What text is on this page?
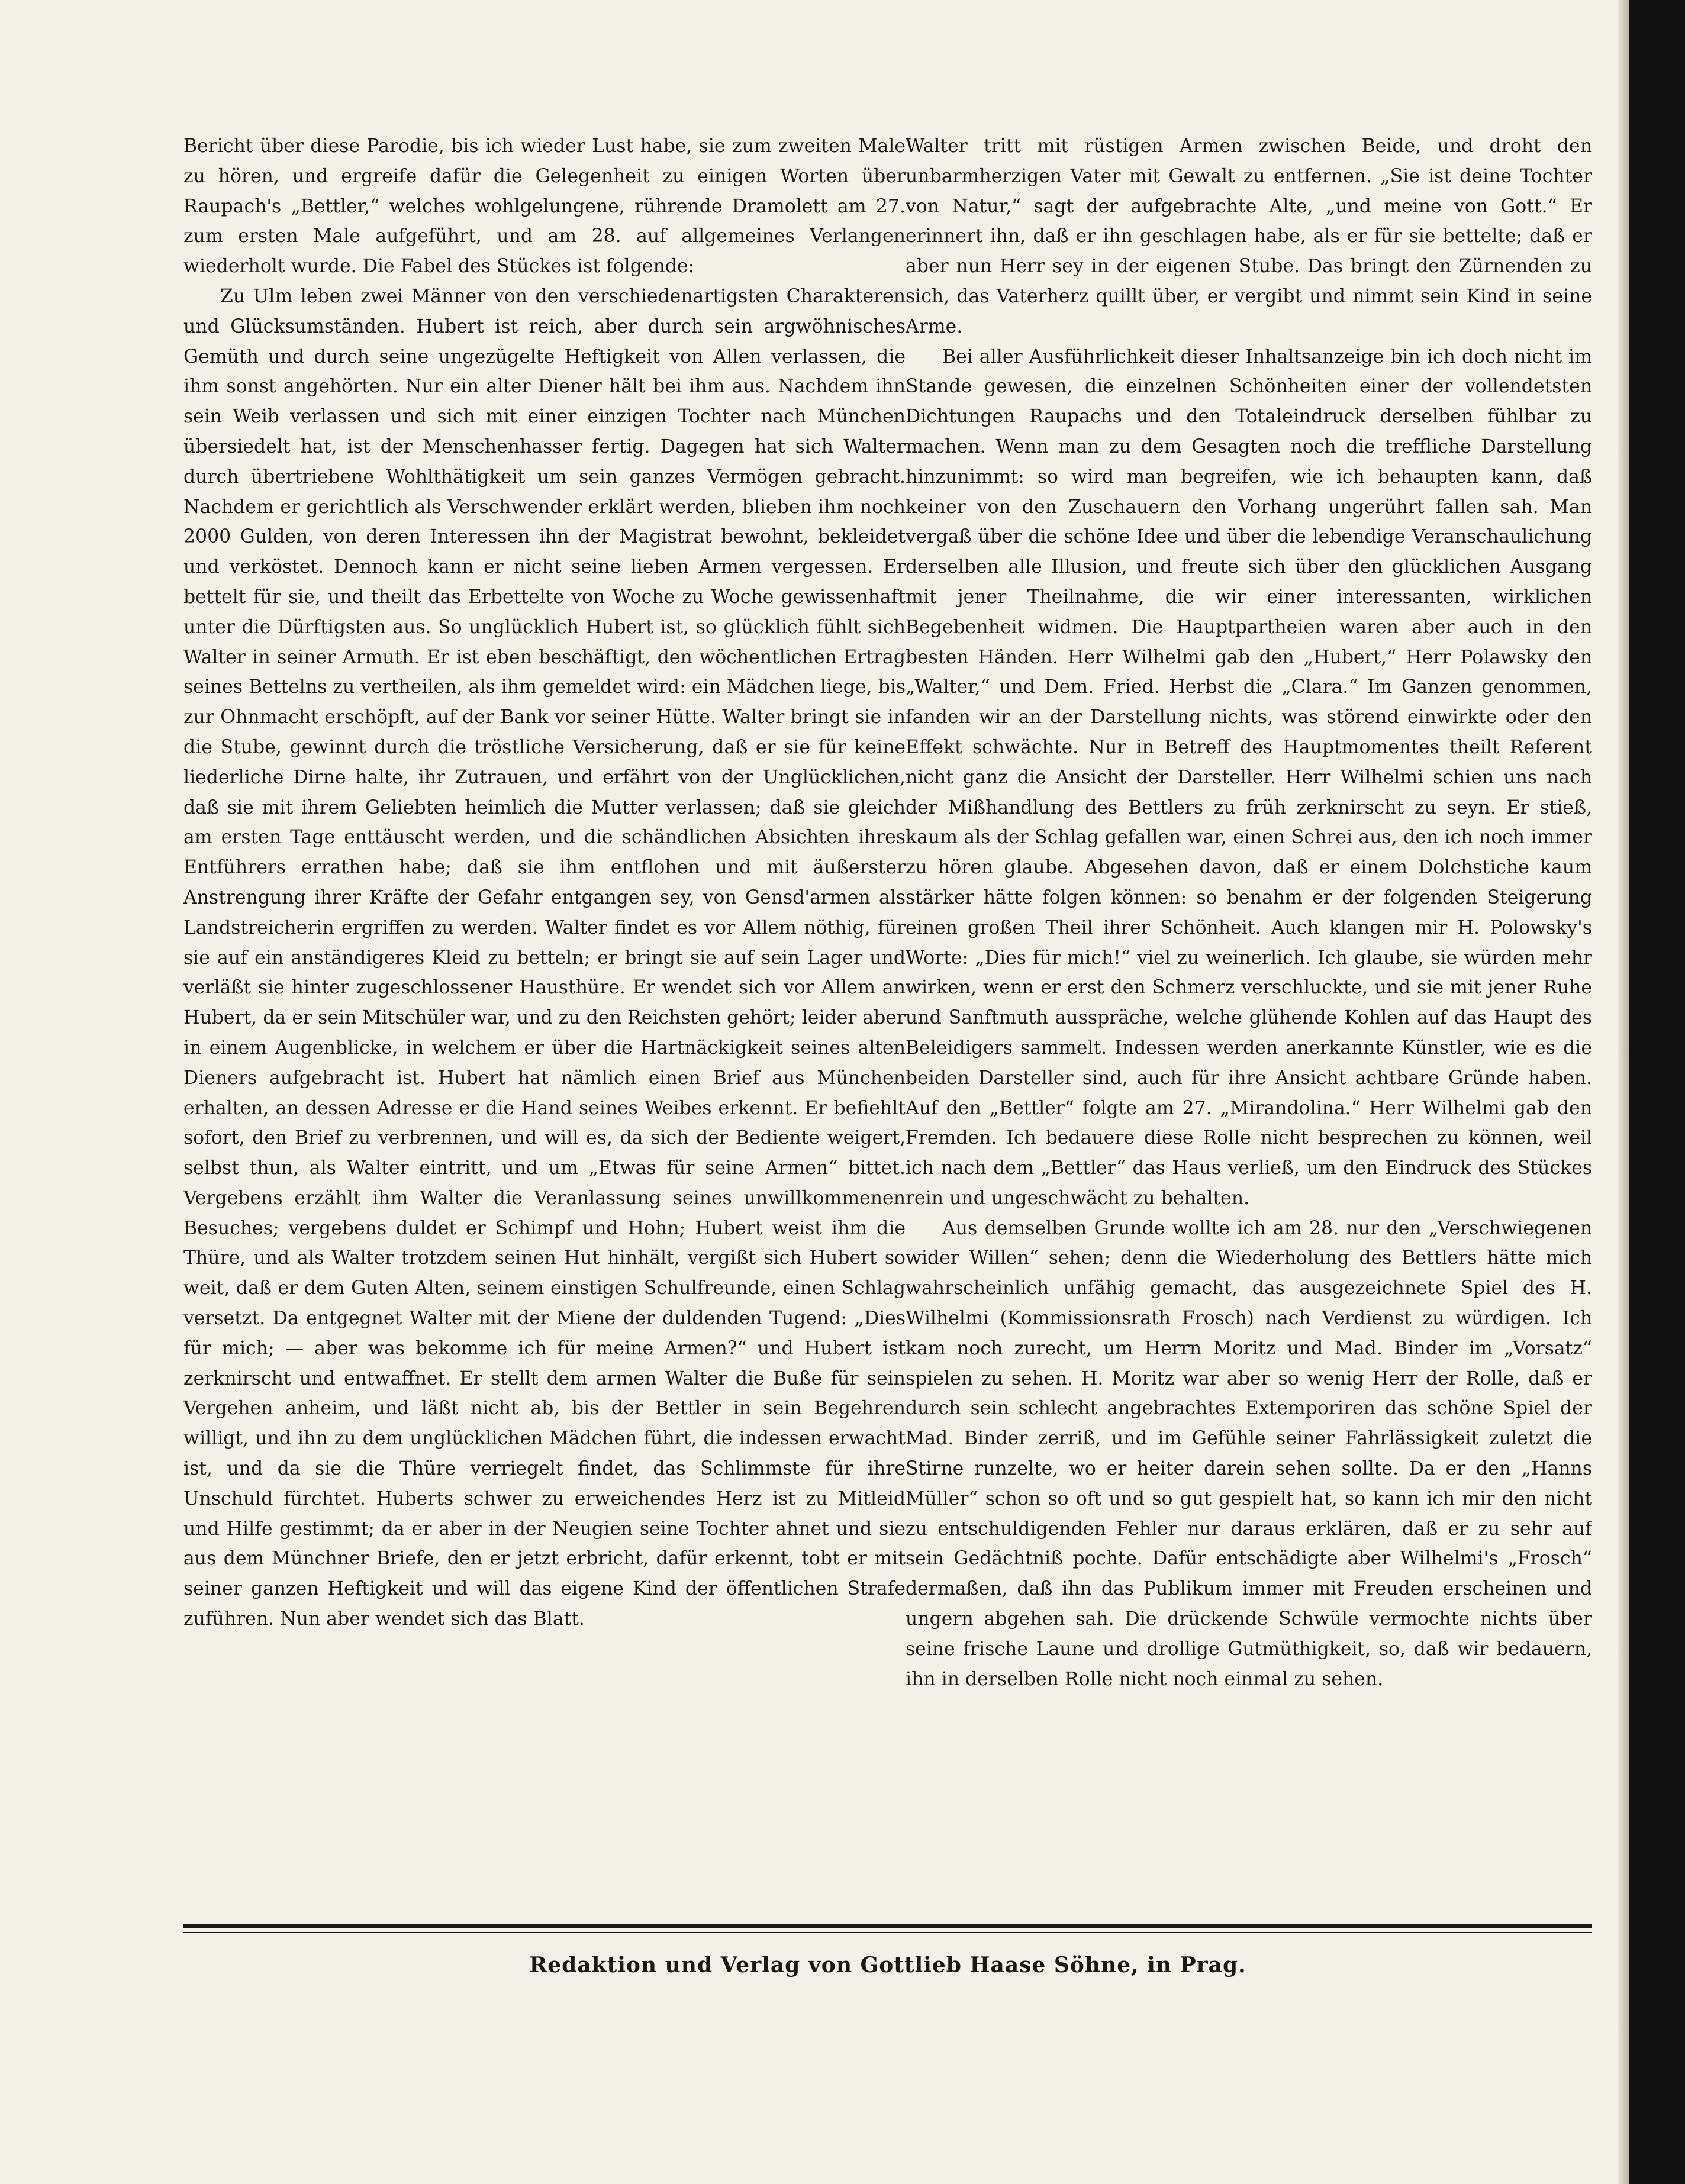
Bericht über diese Parodie, bis ich wieder Lust habe, sie zum zweiten Male zu hören, und ergreife dafür die Gelegenheit zu einigen Worten über Raupach's „Bettler,“ welches wohlgelungene, rührende Dramolett am 27. zum ersten Male aufgeführt, und am 28. auf allgemeines Verlangen wiederholt wurde. Die Fabel des Stückes ist folgende:

Zu Ulm leben zwei Männer von den verschiedenartigsten Charakteren und Glücksumständen. Hubert ist reich, aber durch sein argwöhnisches Gemüth und durch seine ungezügelte Heftigkeit von Allen verlassen, die ihm sonst angehörten. Nur ein alter Diener hält bei ihm aus. Nachdem ihn sein Weib verlassen und sich mit einer einzigen Tochter nach München übersiedelt hat, ist der Menschenhasser fertig. Dagegen hat sich Walter durch übertriebene Wohlthätigkeit um sein ganzes Vermögen gebracht. Nachdem er gerichtlich als Verschwender erklärt werden, blieben ihm noch 2000 Gulden, von deren Interessen ihn der Magistrat bewohnt, bekleidet und verköstet. Dennoch kann er nicht seine lieben Armen vergessen. Er bettelt für sie, und theilt das Erbettelte von Woche zu Woche gewissenhaft unter die Dürftigsten aus. So unglücklich Hubert ist, so glücklich fühlt sich Walter in seiner Armuth. Er ist eben beschäftigt, den wöchentlichen Ertrag seines Bettelns zu vertheilen, als ihm gemeldet wird: ein Mädchen liege, bis zur Ohnmacht erschöpft, auf der Bank vor seiner Hütte. Walter bringt sie in die Stube, gewinnt durch die tröstliche Versicherung, daß er sie für keine liederliche Dirne halte, ihr Zutrauen, und erfährt von der Unglücklichen, daß sie mit ihrem Geliebten heimlich die Mutter verlassen; daß sie gleich am ersten Tage enttäuscht werden, und die schändlichen Absichten ihres Entführers errathen habe; daß sie ihm entflohen und mit äußerster Anstrengung ihrer Kräfte der Gefahr entgangen sey, von Gensd'armen als Landstreicherin ergriffen zu werden. Walter findet es vor Allem nöthig, für sie auf ein anständigeres Kleid zu betteln; er bringt sie auf sein Lager und verläßt sie hinter zugeschlossener Hausthüre. Er wendet sich vor Allem an Hubert, da er sein Mitschüler war, und zu den Reichsten gehört; leider aber in einem Augenblicke, in welchem er über die Hartnäckigkeit seines alten Dieners aufgebracht ist. Hubert hat nämlich einen Brief aus München erhalten, an dessen Adresse er die Hand seines Weibes erkennt. Er befiehlt sofort, den Brief zu verbrennen, und will es, da sich der Bediente weigert, selbst thun, als Walter eintritt, und um „Etwas für seine Armen“ bittet. Vergebens erzählt ihm Walter die Veranlassung seines unwillkommenen Besuches; vergebens duldet er Schimpf und Hohn; Hubert weist ihm die Thüre, und als Walter trotzdem seinen Hut hinhält, vergißt sich Hubert so weit, daß er dem Guten Alten, seinem einstigen Schulfreunde, einen Schlag versetzt. Da entgegnet Walter mit der Miene der duldenden Tugend: „Dies für mich; — aber was bekomme ich für meine Armen?“ und Hubert ist zerknirscht und entwaffnet. Er stellt dem armen Walter die Buße für sein Vergehen anheim, und läßt nicht ab, bis der Bettler in sein Begehren willigt, und ihn zu dem unglücklichen Mädchen führt, die indessen erwacht ist, und da sie die Thüre verriegelt findet, das Schlimmste für ihre Unschuld fürchtet. Huberts schwer zu erweichendes Herz ist zu Mitleid und Hilfe gestimmt; da er aber in der Neugien seine Tochter ahnet und sie aus dem Münchner Briefe, den er jetzt erbricht, dafür erkennt, tobt er mit seiner ganzen Heftigkeit und will das eigene Kind der öffentlichen Strafe zuführen. Nun aber wendet sich das Blatt.

Walter tritt mit rüstigen Armen zwischen Beide, und droht den unbarmherzigen Vater mit Gewalt zu entfernen. „Sie ist deine Tochter von Natur,“ sagt der aufgebrachte Alte, „und meine von Gott.“ Er erinnert ihn, daß er ihn geschlagen habe, als er für sie bettelte; daß er aber nun Herr sey in der eigenen Stube. Das bringt den Zürnenden zu sich, das Vaterherz quillt über, er vergibt und nimmt sein Kind in seine Arme.

Bei aller Ausführlichkeit dieser Inhaltsanzeige bin ich doch nicht im Stande gewesen, die einzelnen Schönheiten einer der vollendetsten Dichtungen Raupachs und den Totaleindruck derselben fühlbar zu machen. Wenn man zu dem Gesagten noch die treffliche Darstellung hinzunimmt: so wird man begreifen, wie ich behaupten kann, daß keiner von den Zuschauern den Vorhang ungerührt fallen sah. Man vergaß über die schöne Idee und über die lebendige Veranschaulichung derselben alle Illusion, und freute sich über den glücklichen Ausgang mit jener Theilnahme, die wir einer interessanten, wirklichen Begebenheit widmen. Die Hauptpartheien waren aber auch in den besten Händen. Herr Wilhelmi gab den „Hubert,“ Herr Polawsky den „Walter,“ und Dem. Fried. Herbst die „Clara.“ Im Ganzen genommen, fanden wir an der Darstellung nichts, was störend einwirkte oder den Effekt schwächte. Nur in Betreff des Hauptmomentes theilt Referent nicht ganz die Ansicht der Darsteller. Herr Wilhelmi schien uns nach der Mißhandlung des Bettlers zu früh zerknirscht zu seyn. Er stieß, kaum als der Schlag gefallen war, einen Schrei aus, den ich noch immer zu hören glaube. Abgesehen davon, daß er einem Dolchstiche kaum stärker hätte folgen können: so benahm er der folgenden Steigerung einen großen Theil ihrer Schönheit. Auch klangen mir H. Polowsky's Worte: „Dies für mich!“ viel zu weinerlich. Ich glaube, sie würden mehr wirken, wenn er erst den Schmerz verschluckte, und sie mit jener Ruhe und Sanftmuth ausspräche, welche glühende Kohlen auf das Haupt des Beleidigers sammelt. Indessen werden anerkannte Künstler, wie es die beiden Darsteller sind, auch für ihre Ansicht achtbare Gründe haben. Auf den „Bettler“ folgte am 27. „Mirandolina.“ Herr Wilhelmi gab den Fremden. Ich bedauere diese Rolle nicht besprechen zu können, weil ich nach dem „Bettler“ das Haus verließ, um den Eindruck des Stückes rein und ungeschwächt zu behalten.

Aus demselben Grunde wollte ich am 28. nur den „Verschwiegenen wider Willen“ sehen; denn die Wiederholung des Bettlers hätte mich wahrscheinlich unfähig gemacht, das ausgezeichnete Spiel des H. Wilhelmi (Kommissionsrath Frosch) nach Verdienst zu würdigen. Ich kam noch zurecht, um Herrn Moritz und Mad. Binder im „Vorsatz“ spielen zu sehen. H. Moritz war aber so wenig Herr der Rolle, daß er durch sein schlecht angebrachtes Extemporiren das schöne Spiel der Mad. Binder zerriß, und im Gefühle seiner Fahrlässigkeit zuletzt die Stirne runzelte, wo er heiter darein sehen sollte. Da er den „Hanns Müller“ schon so oft und so gut gespielt hat, so kann ich mir den nicht zu entschuldigenden Fehler nur daraus erklären, daß er zu sehr auf sein Gedächtniß pochte. Dafür entschädigte aber Wilhelmi's „Frosch“ dermaßen, daß ihn das Publikum immer mit Freuden erscheinen und ungern abgehen sah. Die drückende Schwüle vermochte nichts über seine frische Laune und drollige Gutmüthigkeit, so, daß wir bedauern, ihn in derselben Rolle nicht noch einmal zu sehen.

Redaktion und Verlag von Gottlieb Haase Söhne, in Prag.
